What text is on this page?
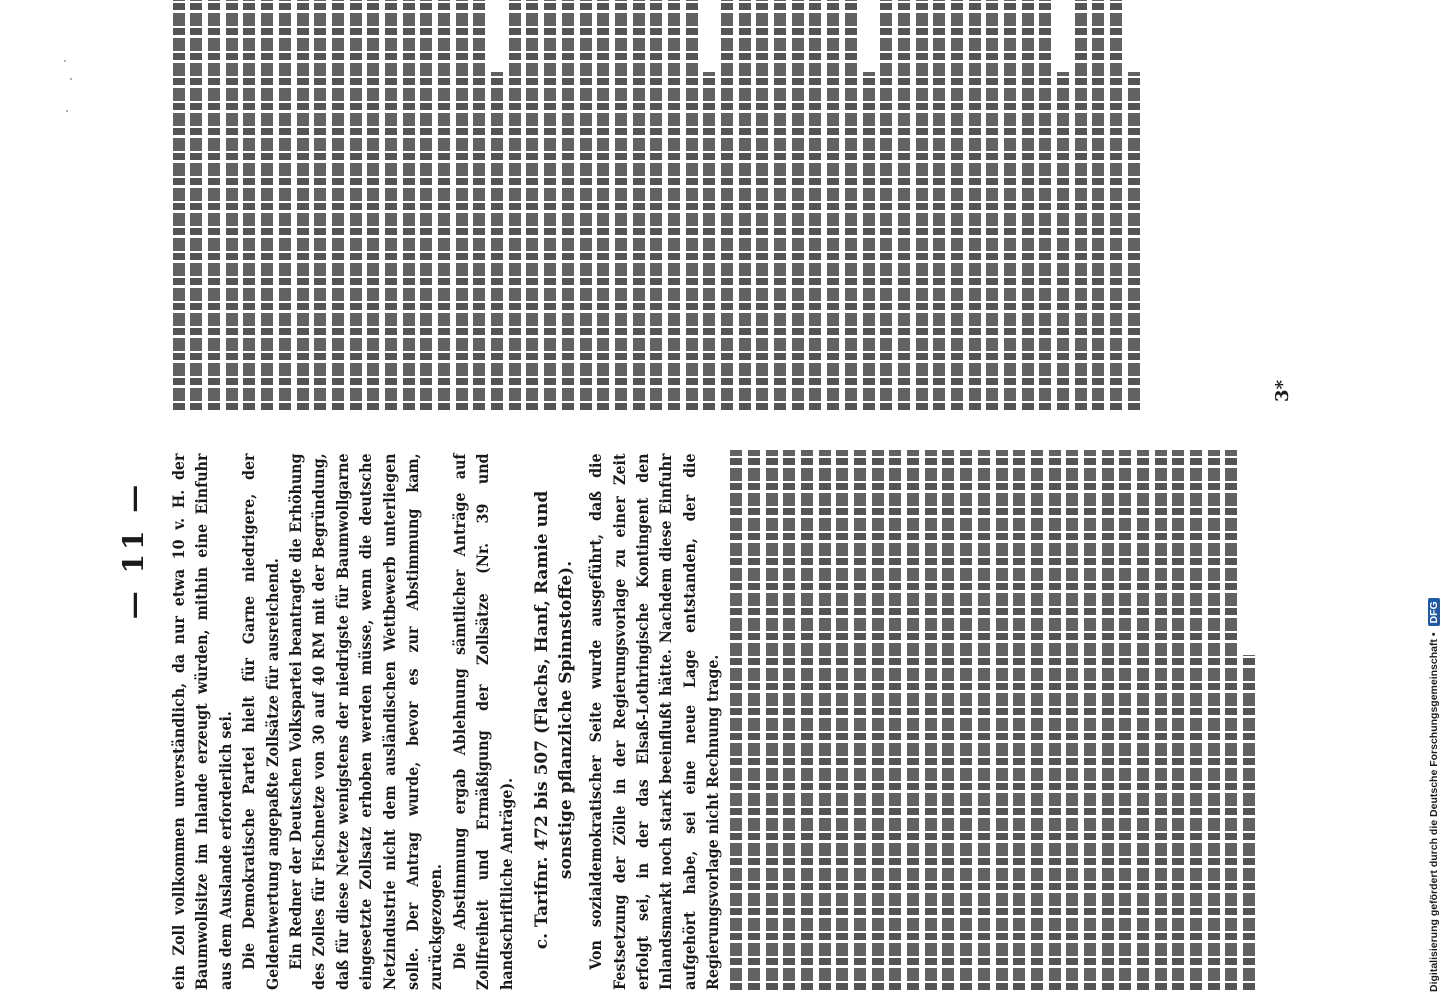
— 11 —	ein Zoll vollkommen unverständlich, da nur etwa 10 v. H. der Baumwollsitze im Inlande erzeugt würden, mithin eine Einfuhr aus dem Auslande erforderlich sei. Die Demokratische Partei hielt für Garne niedrigere, der Geldentwertung angepaßte Zollsätze für ausreichend. Ein Redner der Deutschen Volkspartei beantragte die Erhöhung des Zolles für Fischnetze von 30 auf 40 RM mit der Begründung, daß für diese Netze wenigstens der niedrigste für Baumwollgarne eingesetzte Zollsatz erhoben werden müsse, wenn die deutsche Netzindustrie nicht dem ausländischen Wettbewerb unterliegen solle. Der Antrag wurde, bevor es zur Abstimmung kam, zurückgezogen. Die Abstimmung ergab Ablehnung sämtlicher Anträge auf Zollfreiheit und Ermäßigung der Zollsätze (Nr. 39 und handschriftliche Anträge). c. Tarifnr. 472 bis 507 (Flachs, Hanf, Ramie und sonstige pflanzliche Spinnstoffe). Von sozialdemokratischer Seite wurde ausgeführt, daß die Festsetzung der Zölle in der Regierungsvorlage zu einer Zeit erfolgt sei, in der das Elsaß-Lothringische Kontingent den Inlandsmarkt noch stark beeinflußt hätte. Nachdem diese Einfuhr aufgehört habe, sei eine neue Lage entstanden, der die Regierungsvorlage nicht Rechnung trage.

3*
Digitalisierung gefördert durch die Deutsche Forschungsgemeinschaft • DFG
